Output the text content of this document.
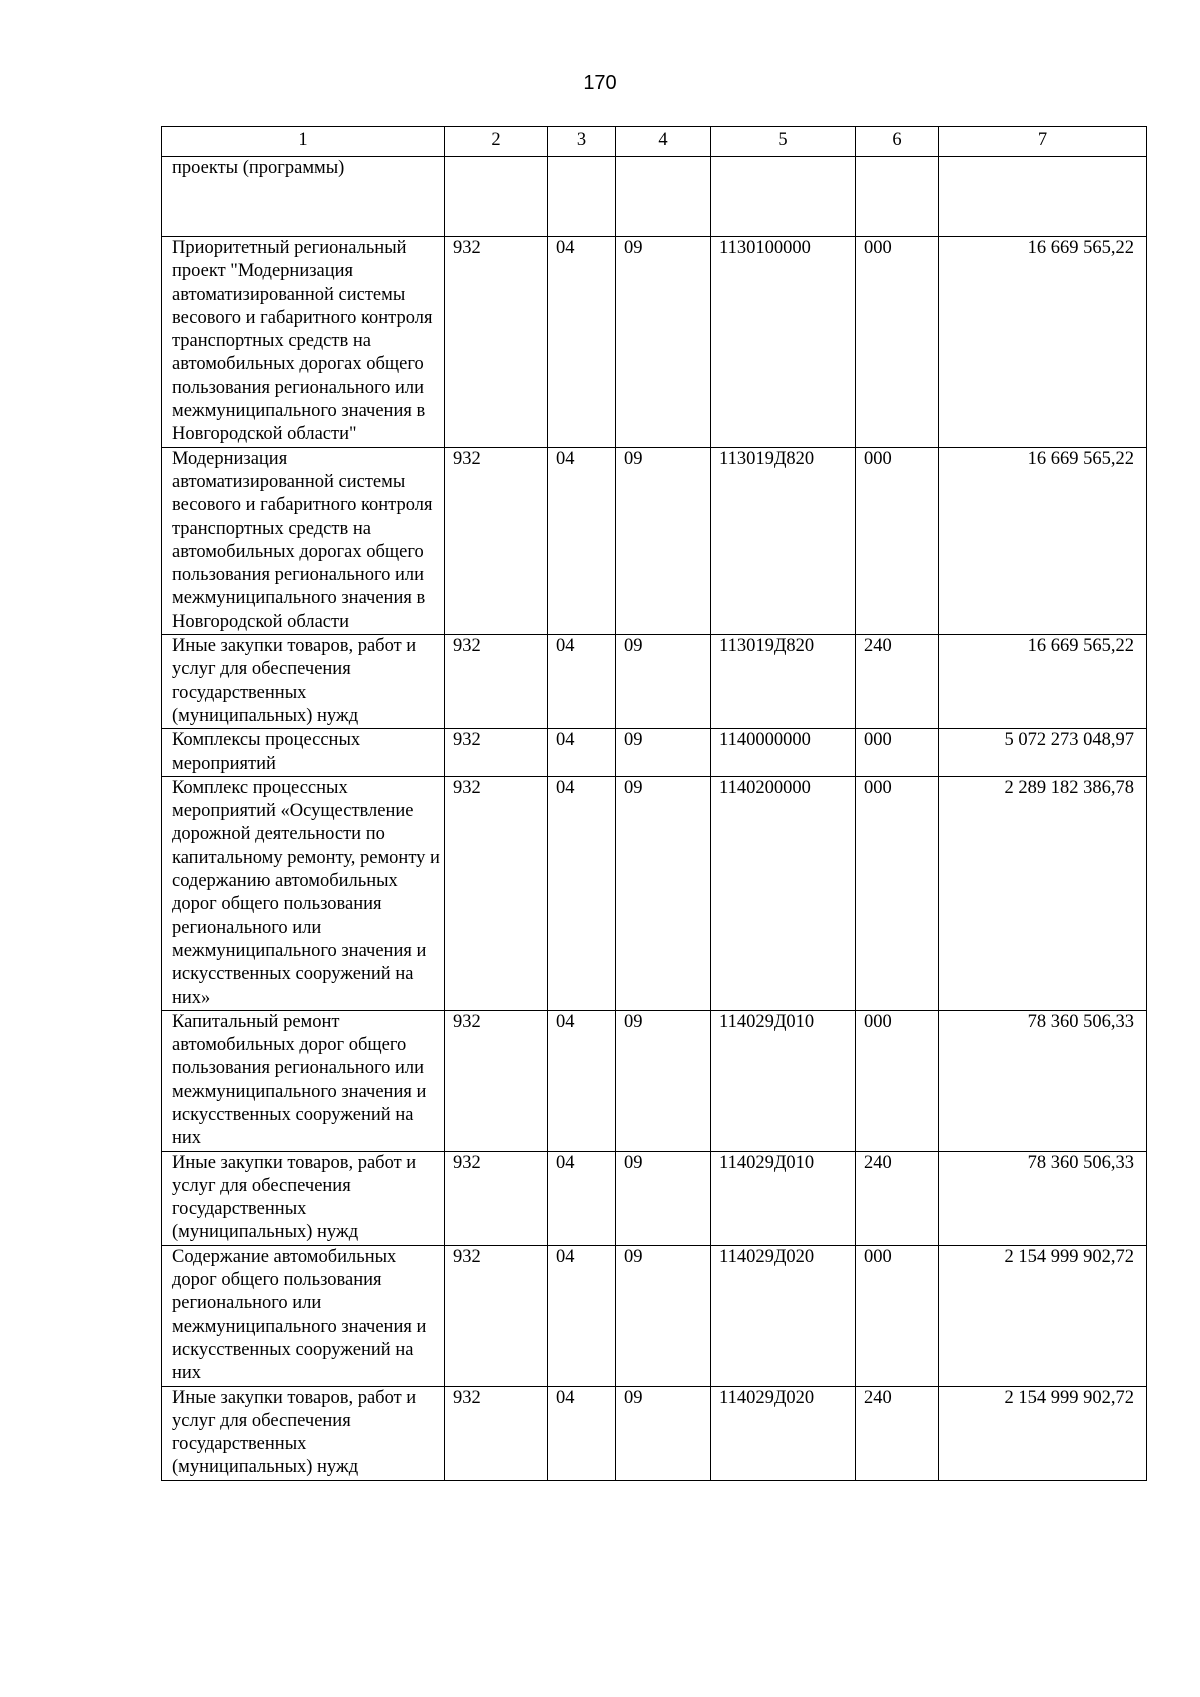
170
1	2	3	4	5	6	7
проекты (программы)						
Приоритетный региональный проект "Модернизация автоматизированной системы весового и габаритного контроля транспортных средств на автомобильных дорогах общего пользования регионального или межмуниципального значения в Новгородской области"	932	04	09	1130100000	000	16 669 565,22
Модернизация автоматизированной системы весового и габаритного контроля транспортных средств на автомобильных дорогах общего пользования регионального или межмуниципального значения в Новгородской области	932	04	09	113019Д820	000	16 669 565,22
Иные закупки товаров, работ и услуг для обеспечения государственных (муниципальных) нужд	932	04	09	113019Д820	240	16 669 565,22
Комплексы процессных мероприятий	932	04	09	1140000000	000	5 072 273 048,97
Комплекс процессных мероприятий «Осуществление дорожной деятельности по капитальному ремонту, ремонту и содержанию автомобильных дорог общего пользования регионального или межмуниципального значения и искусственных сооружений на них»	932	04	09	1140200000	000	2 289 182 386,78
Капитальный ремонт автомобильных дорог общего пользования регионального или межмуниципального значения и искусственных сооружений на них	932	04	09	114029Д010	000	78 360 506,33
Иные закупки товаров, работ и услуг для обеспечения государственных (муниципальных) нужд	932	04	09	114029Д010	240	78 360 506,33
Содержание автомобильных дорог общего пользования регионального или межмуниципального значения и искусственных сооружений на них	932	04	09	114029Д020	000	2 154 999 902,72
Иные закупки товаров, работ и услуг для обеспечения государственных (муниципальных) нужд	932	04	09	114029Д020	240	2 154 999 902,72
